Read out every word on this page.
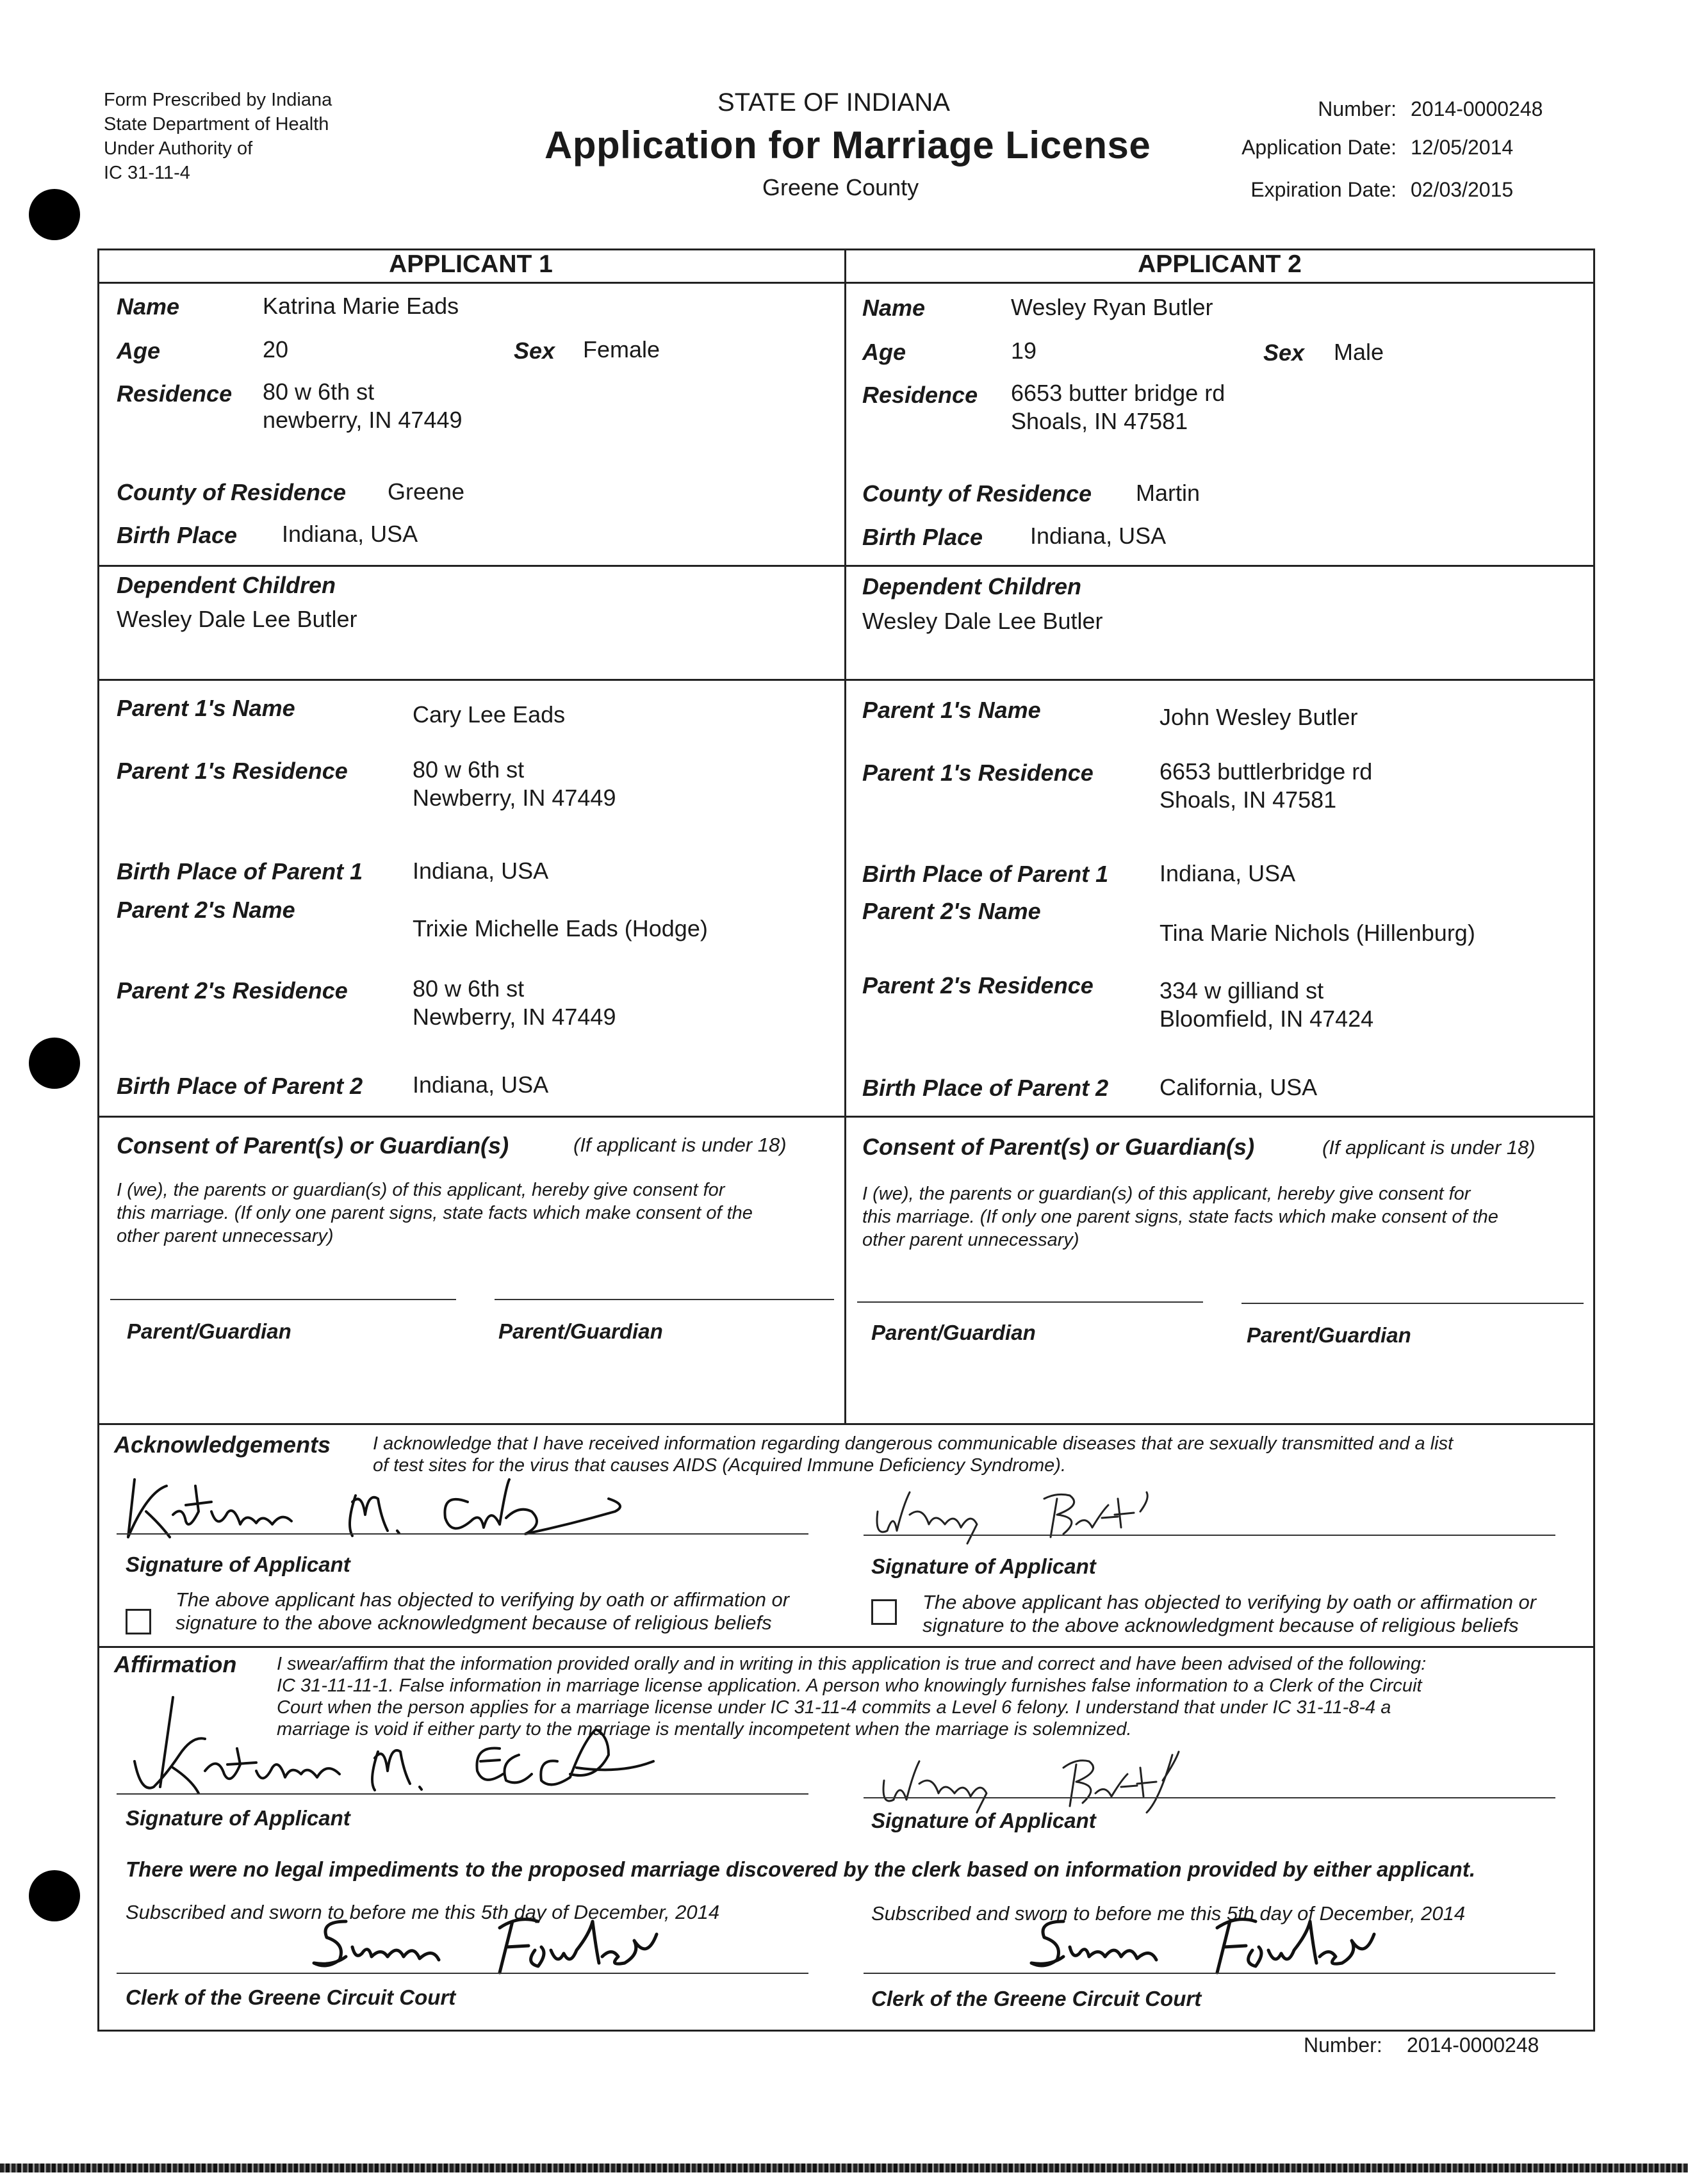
Form Prescribed by Indiana
State Department of Health
Under Authority of
IC 31-11-4
STATE OF INDIANA
Application for Marriage License
Greene County
Number: 2014-0000248
Application Date: 12/05/2014
Expiration Date: 02/03/2015
APPLICANT 1	APPLICANT 2
Name	Katrina Marie Eads
Age	20	Sex Female
Residence 80 w 6th st
newberry, IN 47449
County of Residence Greene
Birth Place Indiana, USA
Dependent Children
Wesley Dale Lee Butler
Parent 1's Name	Cary Lee Eads
Parent 1's Residence	80 w 6th st
Newberry, IN 47449
Birth Place of Parent 1 Indiana, USA
Parent 2's Name
Trixie Michelle Eads (Hodge)
Parent 2's Residence	80 w 6th st
Newberry, IN 47449
Birth Place of Parent 2 Indiana, USA
Name	Wesley Ryan Butler
Age	19	Sex Male
Residence 6653 butter bridge rd
Shoals, IN 47581
County of Residence Martin
Birth Place Indiana, USA
Dependent Children
Wesley Dale Lee Butler
Parent 1's Name	John Wesley Butler
Parent 1's Residence	6653 buttlerbridge rd
Shoals, IN 47581
Birth Place of Parent 1 Indiana, USA
Parent 2's Name
Tina Marie Nichols (Hillenburg)
Parent 2's Residence	334 w gilliand st
Bloomfield, IN 47424
Birth Place of Parent 2 California, USA
Consent of Parent(s) or Guardian(s)	(If applicant is under 18)
I (we), the parents or guardian(s) of this applicant, hereby give consent for
this marriage. (If only one parent signs, state facts which make consent of the
other parent unnecessary)
Parent/Guardian	Parent/Guardian
Consent of Parent(s) or Guardian(s)	(If applicant is under 18)
I (we), the parents or guardian(s) of this applicant, hereby give consent for
this marriage. (If only one parent signs, state facts which make consent of the
other parent unnecessary)
Parent/Guardian	Parent/Guardian
Acknowledgements I acknowledge that I have received information regarding dangerous communicable diseases that are sexually transmitted and a list
of test sites for the virus that causes AIDS (Acquired Immune Deficiency Syndrome).
Signature of Applicant
The above applicant has objected to verifying by oath or affirmation or
signature to the above acknowledgment because of religious beliefs
Signature of Applicant
The above applicant has objected to verifying by oath or affirmation or
signature to the above acknowledgment because of religious beliefs
Affirmation I swear/affirm that the information provided orally and in writing in this application is true and correct and have been advised of the following:
IC 31-11-11-1. False information in marriage license application. A person who knowingly furnishes false information to a Clerk of the Circuit
Court when the person applies for a marriage license under IC 31-11-4 commits a Level 6 felony. I understand that under IC 31-11-8-4 a
marriage is void if either party to the marriage is mentally incompetent when the marriage is solemnized.
Signature of Applicant	Signature of Applicant
There were no legal impediments to the proposed marriage discovered by the clerk based on information provided by either applicant.
Subscribed and sworn to before me this 5th day of December, 2014	Subscribed and sworn to before me this 5th day of December, 2014
Clerk of the Greene Circuit Court	Clerk of the Greene Circuit Court
Number: 2014-0000248
